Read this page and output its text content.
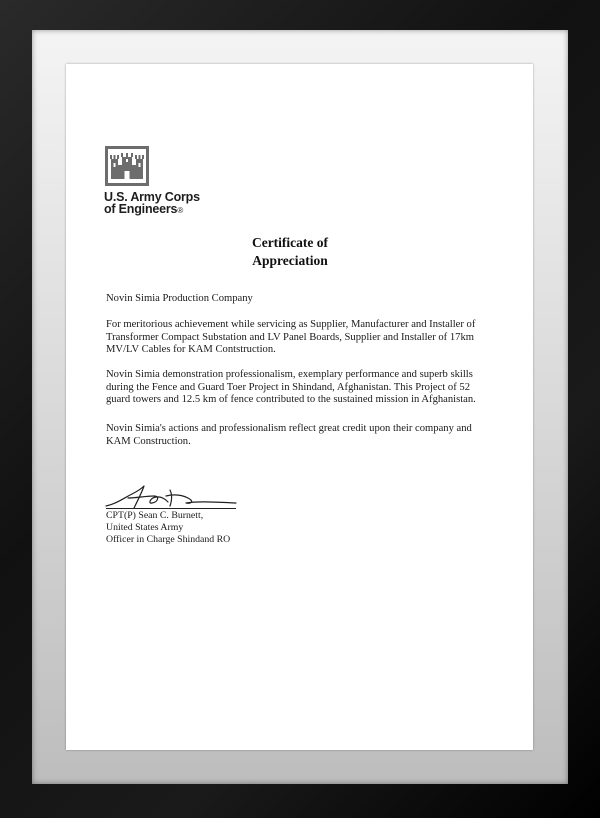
U.S. Army Corps
of Engineers®
Certificate of
Appreciation
Novin Simia Production Company
For meritorious achievement while servicing as Supplier, Manufacturer and Installer of Transformer Compact Substation and LV Panel Boards, Supplier and Installer of 17km MV/LV Cables for KAM Contstruction.
Novin Simia demonstration professionalism, exemplary performance and superb skills during the Fence and Guard Toer Project in Shindand, Afghanistan. This Project of 52 guard towers and 12.5 km of fence contributed to the sustained mission in Afghanistan.
Novin Simia's actions and professionalism reflect great credit upon their company and KAM Construction.
CPT(P) Sean C. Burnett,
United States Army
Officer in Charge Shindand RO
